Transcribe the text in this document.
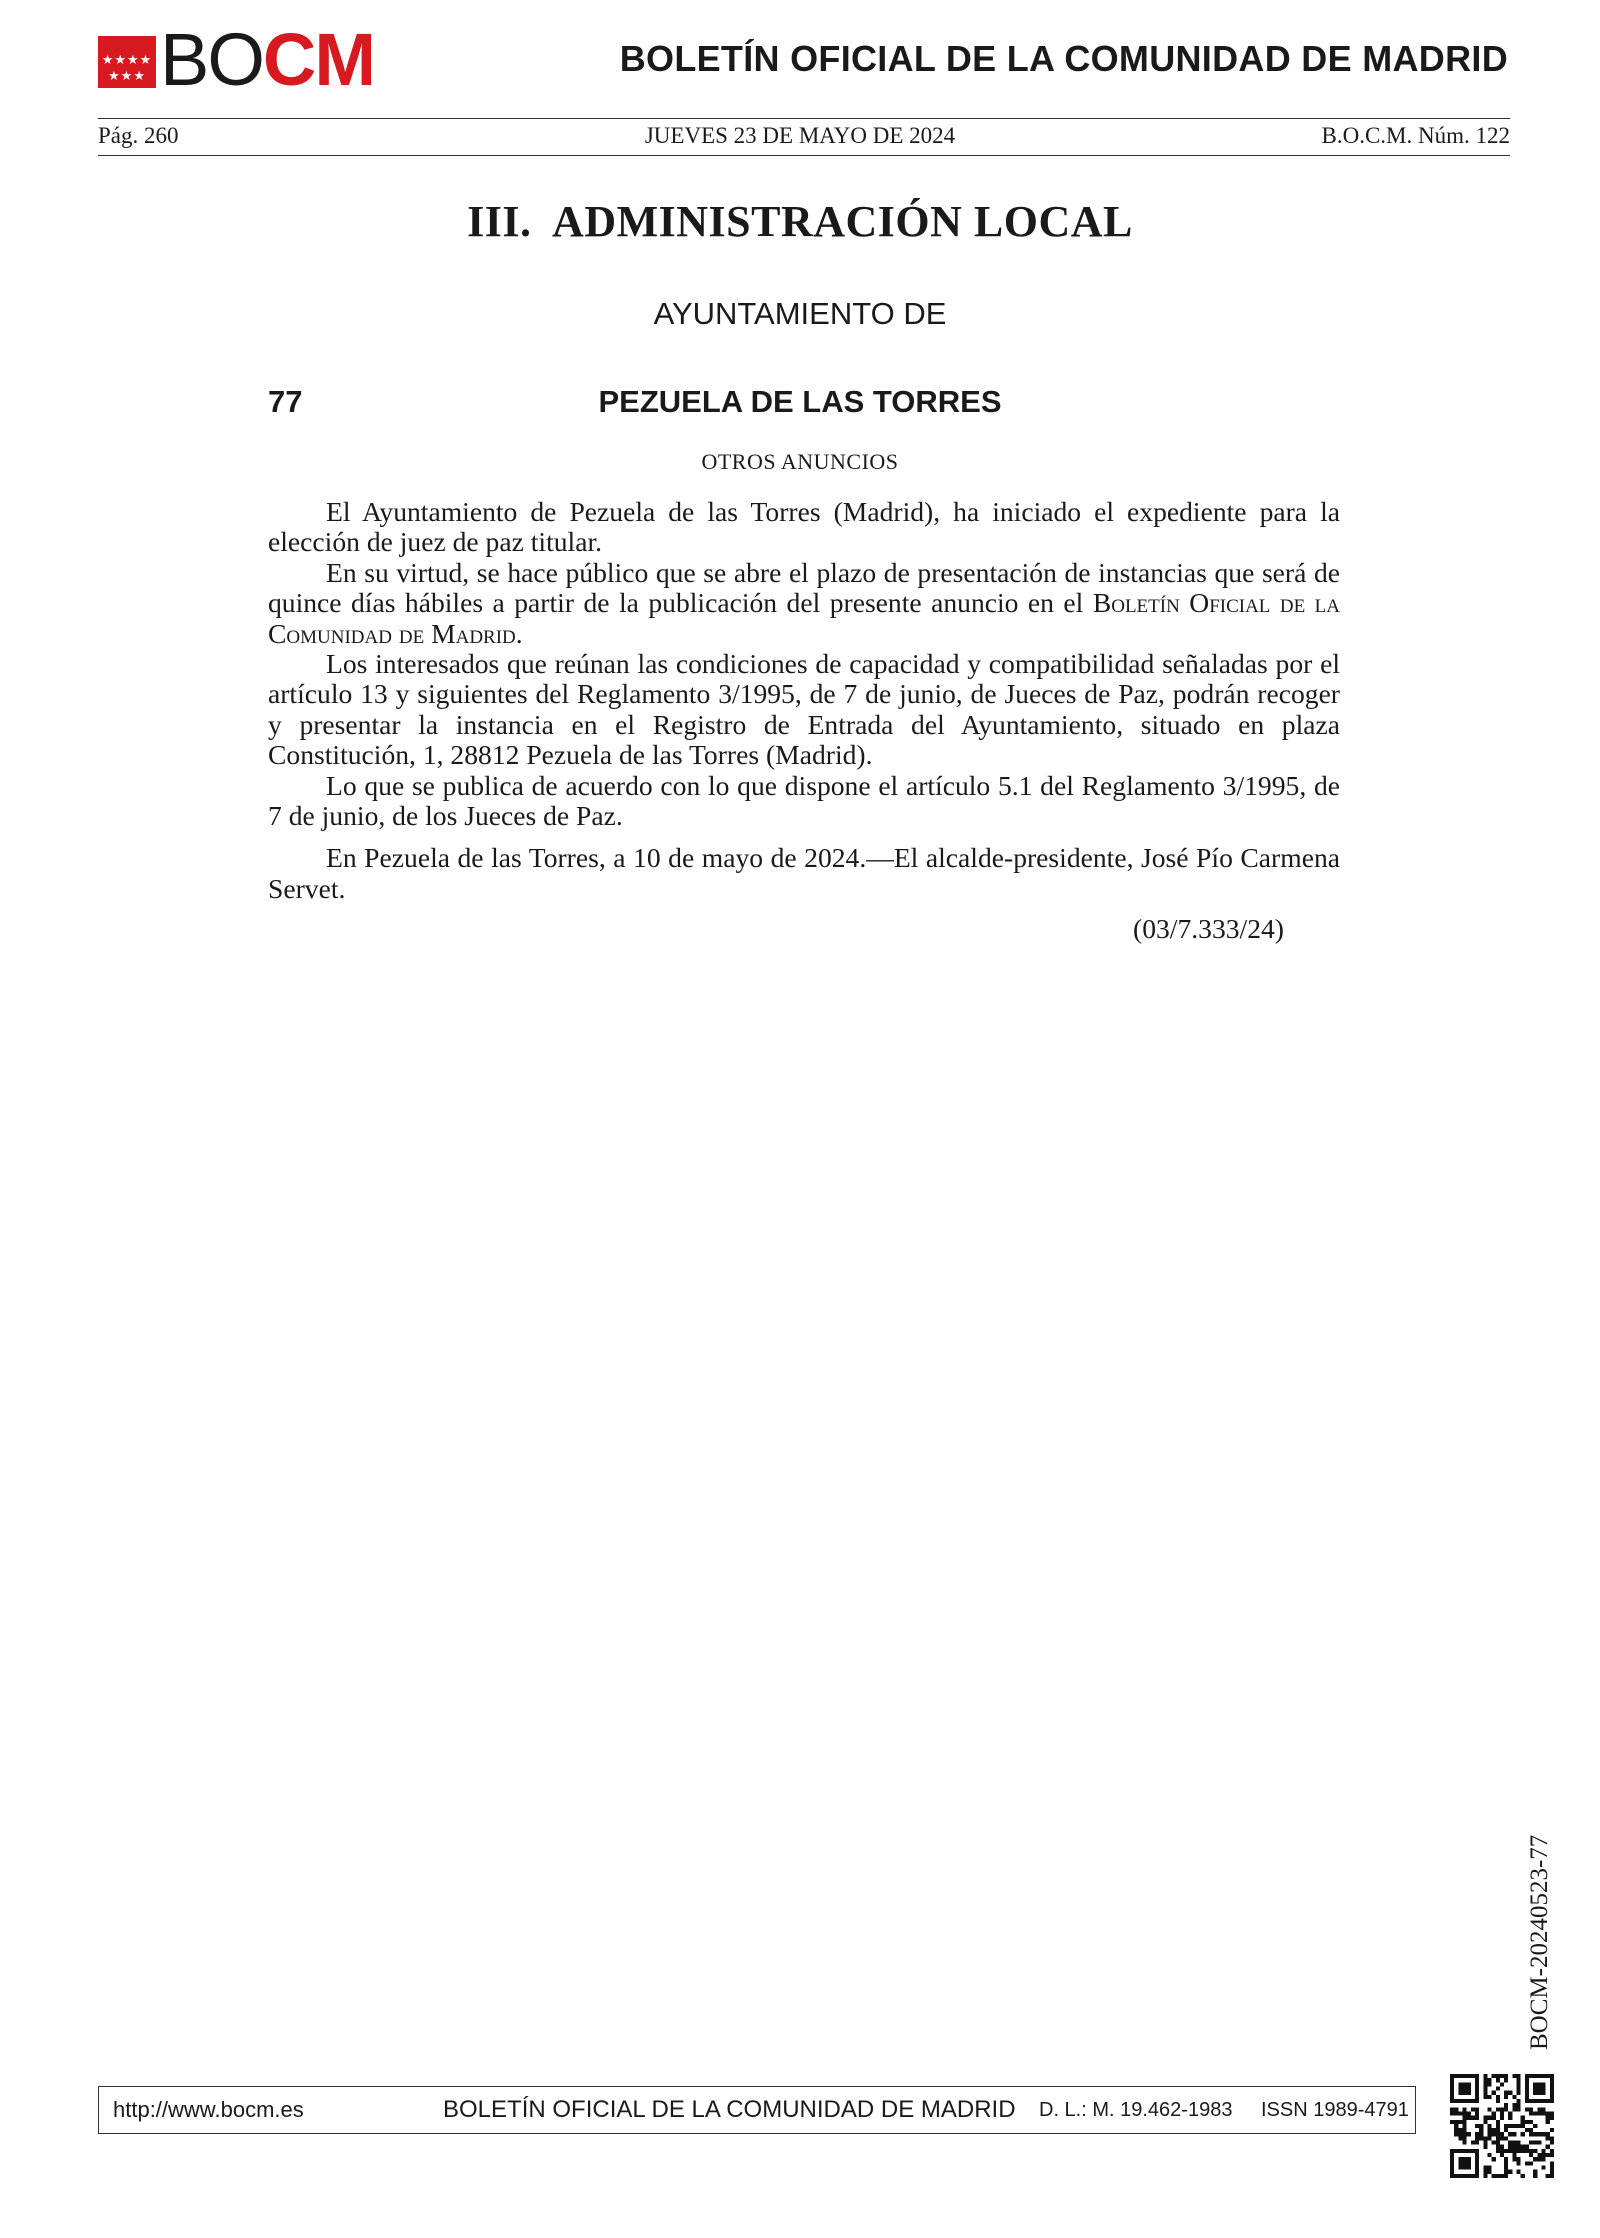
★★★★
★★★ BOCM	BOLETÍN OFICIAL DE LA COMUNIDAD DE MADRID
Pág. 260	JUEVES 23 DE MAYO DE 2024	B.O.C.M. Núm. 122
III.  ADMINISTRACIÓN LOCAL
AYUNTAMIENTO DE
PEZUELA DE LAS TORRES
77
OTROS ANUNCIOS

El Ayuntamiento de Pezuela de las Torres (Madrid), ha iniciado el expediente para la elección de juez de paz titular.

En su virtud, se hace público que se abre el plazo de presentación de instancias que será de quince días hábiles a partir de la publicación del presente anuncio en el Boletín Oficial de la Comunidad de Madrid.

Los interesados que reúnan las condiciones de capacidad y compatibilidad señaladas por el artículo 13 y siguientes del Reglamento 3/1995, de 7 de junio, de Jueces de Paz, podrán recoger y presentar la instancia en el Registro de Entrada del Ayuntamiento, situado en plaza Constitución, 1, 28812 Pezuela de las Torres (Madrid).

Lo que se publica de acuerdo con lo que dispone el artículo 5.1 del Reglamento 3/1995, de 7 de junio, de los Jueces de Paz.

En Pezuela de las Torres, a 10 de mayo de 2024.—El alcalde-presidente, José Pío Carmena Servet.

(03/7.333/24)
BOCM-20240523-77
http://www.bocm.es	BOLETÍN OFICIAL DE LA COMUNIDAD DE MADRID D. L.: M. 19.462-1983 ISSN 1989-4791
